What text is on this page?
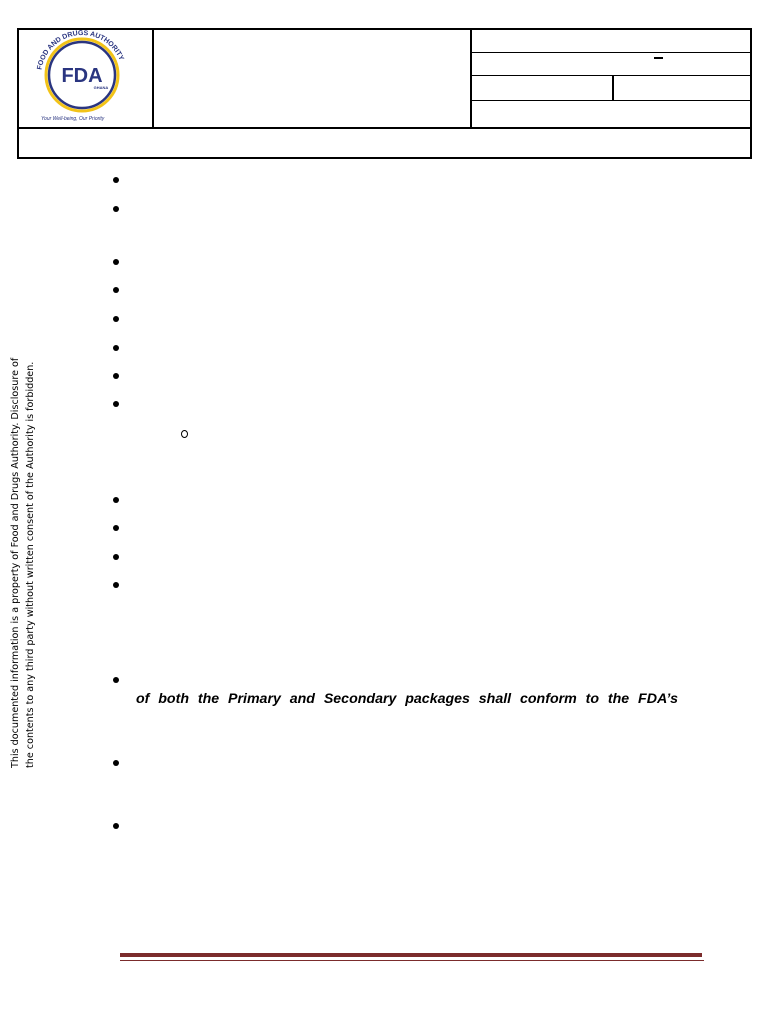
FOOD AND DRUGS AUTHORITY
FDA
GHANA
Your Well-being, Our Priority
This documented information is a property of Food and Drugs Authority. Disclosure of the contents to any third party without written consent of the Authority is forbidden.	of both the Primary and Secondary packages shall conform to the FDA’s
